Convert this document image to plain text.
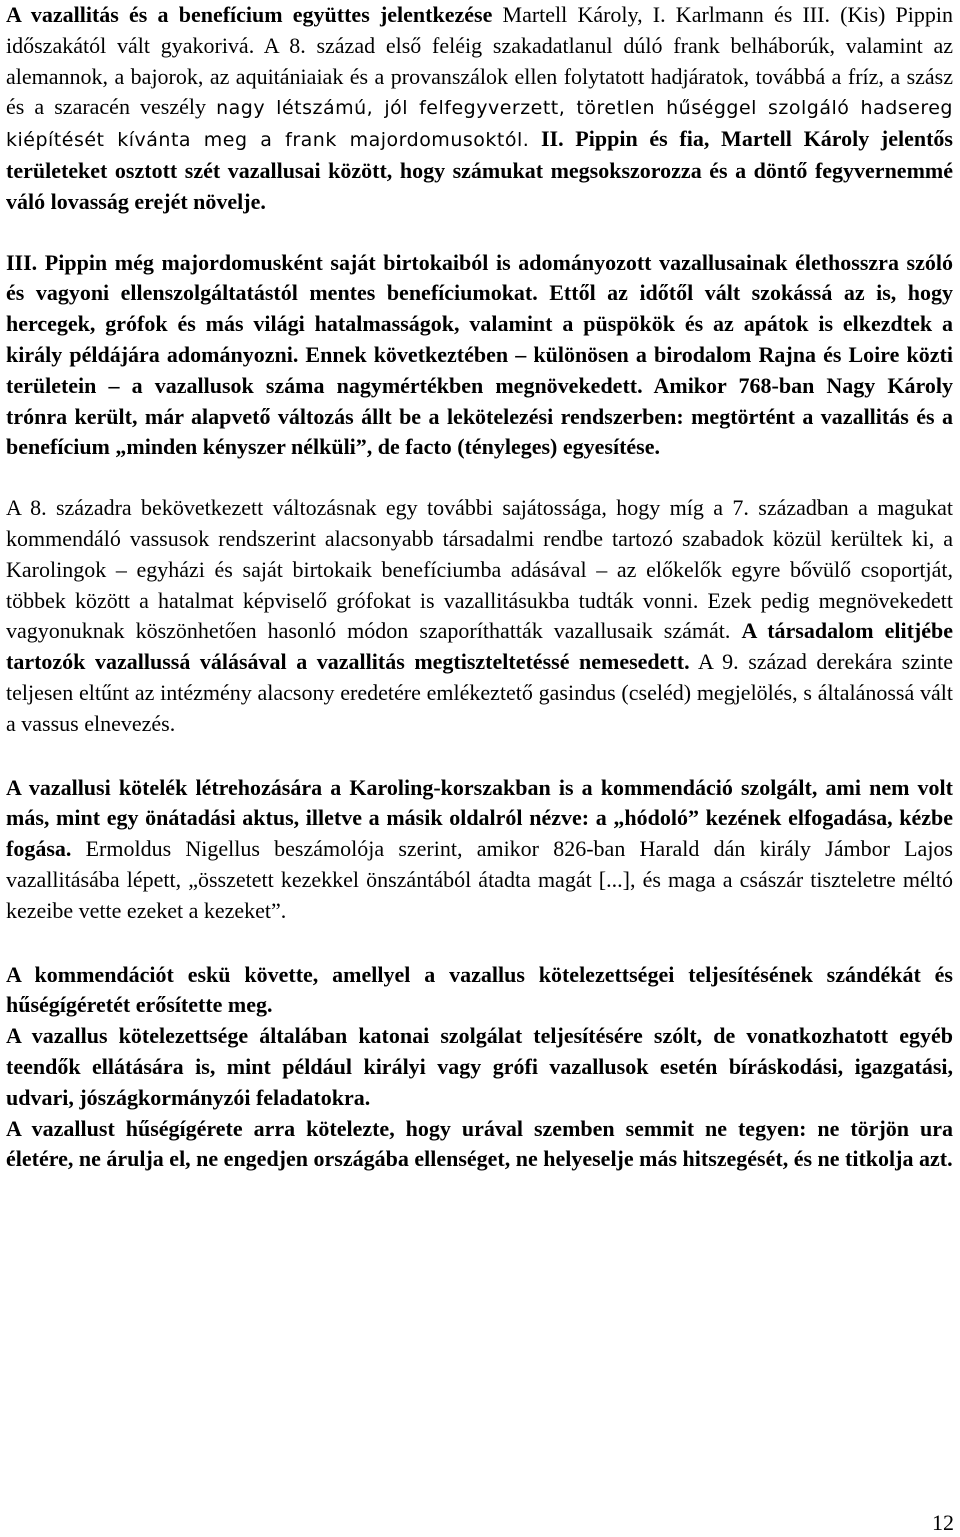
A vazallitás és a benefícium együttes jelentkezése Martell Károly, I. Karlmann és III. (Kis) Pippin időszakától vált gyakorivá. A 8. század első feléig szakadatlanul dúló frank belháborúk, valamint az alemannok, a bajorok, az aquitániaiak és a provanszálok ellen folytatott hadjáratok, továbbá a fríz, a szász és a szaracén veszély nagy létszámú, jól felfegyverzett, töretlen hűséggel szolgáló hadsereg kiépítését kívánta meg a frank majordomusoktól. II. Pippin és fia, Martell Károly jelentős területeket osztott szét vazallusai között, hogy számukat megsokszorozza és a döntő fegyvernemmé váló lovasság erejét növelje.

III. Pippin még majordomusként saját birtokaiból is adományozott vazallusainak élethosszra szóló és vagyoni ellenszolgáltatástól mentes benefíciumokat. Ettől az időtől vált szokássá az is, hogy hercegek, grófok és más világi hatalmasságok, valamint a püspökök és az apátok is elkezdtek a király példájára adományozni. Ennek következtében – különösen a birodalom Rajna és Loire közti területein – a vazallusok száma nagymértékben megnövekedett. Amikor 768-ban Nagy Károly trónra került, már alapvető változás állt be a lekötelezési rendszerben: megtörtént a vazallitás és a benefícium „minden kényszer nélküli”, de facto (tényleges) egyesítése.

A 8. századra bekövetkezett változásnak egy további sajátossága, hogy míg a 7. században a magukat kommendáló vassusok rendszerint alacsonyabb társadalmi rendbe tartozó szabadok közül kerültek ki, a Karolingok – egyházi és saját birtokaik benefíciumba adásával – az előkelők egyre bővülő csoportját, többek között a hatalmat képviselő grófokat is vazallitásukba tudták vonni. Ezek pedig megnövekedett vagyonuknak köszönhetően hasonló módon szaporíthatták vazallusaik számát. A társadalom elitjébe tartozók vazallussá válásával a vazallitás megtiszteltetéssé nemesedett. A 9. század derekára szinte teljesen eltűnt az intézmény alacsony eredetére emlékeztető gasindus (cseléd) megjelölés, s általánossá vált a vassus elnevezés.

A vazallusi kötelék létrehozására a Karoling-korszakban is a kommendáció szolgált, ami nem volt más, mint egy önátadási aktus, illetve a másik oldalról nézve: a „hódoló” kezének elfogadása, kézbe fogása. Ermoldus Nigellus beszámolója szerint, amikor 826-ban Harald dán király Jámbor Lajos vazallitásába lépett, „összetett kezekkel önszántából átadta magát [...], és maga a császár tiszteletre méltó kezeibe vette ezeket a kezeket”.

A kommendációt eskü követte, amellyel a vazallus kötelezettségei teljesítésének szándékát és hűségígéretét erősítette meg.

A vazallus kötelezettsége általában katonai szolgálat teljesítésére szólt, de vonatkozhatott egyéb teendők ellátására is, mint például királyi vagy grófi vazallusok esetén bíráskodási, igazgatási, udvari, jószágkormányzói feladatokra.

A vazallust hűségígérete arra kötelezte, hogy urával szemben semmit ne tegyen: ne törjön ura életére, ne árulja el, ne engedjen országába ellenséget, ne helyeselje más hitszegését, és ne titkolja azt.

12
